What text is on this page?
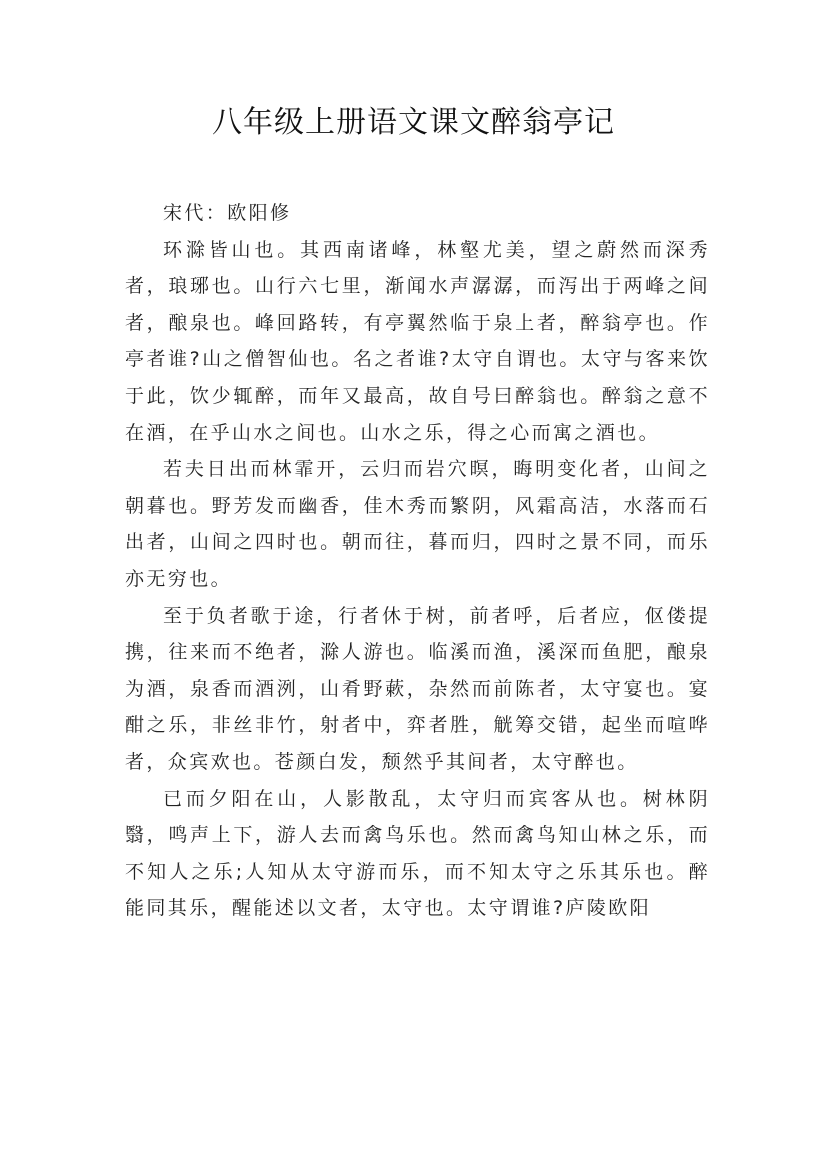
八年级上册语文课文醉翁亭记

宋代：欧阳修

环滁皆山也。其西南诸峰，林壑尤美，望之蔚然而深秀者，琅琊也。山行六七里，渐闻水声潺潺，而泻出于两峰之间者，酿泉也。峰回路转，有亭翼然临于泉上者，醉翁亭也。作亭者谁?山之僧智仙也。名之者谁?太守自谓也。太守与客来饮于此，饮少辄醉，而年又最高，故自号曰醉翁也。醉翁之意不在酒，在乎山水之间也。山水之乐，得之心而寓之酒也。

若夫日出而林霏开，云归而岩穴暝，晦明变化者，山间之朝暮也。野芳发而幽香，佳木秀而繁阴，风霜高洁，水落而石出者，山间之四时也。朝而往，暮而归，四时之景不同，而乐亦无穷也。

至于负者歌于途，行者休于树，前者呼，后者应，伛偻提携，往来而不绝者，滁人游也。临溪而渔，溪深而鱼肥，酿泉为酒，泉香而酒洌，山肴野蔌，杂然而前陈者，太守宴也。宴酣之乐，非丝非竹，射者中，弈者胜，觥筹交错，起坐而喧哗者，众宾欢也。苍颜白发，颓然乎其间者，太守醉也。

已而夕阳在山，人影散乱，太守归而宾客从也。树林阴翳，鸣声上下，游人去而禽鸟乐也。然而禽鸟知山林之乐，而不知人之乐;人知从太守游而乐，而不知太守之乐其乐也。醉能同其乐，醒能述以文者，太守也。太守谓谁?庐陵欧阳
